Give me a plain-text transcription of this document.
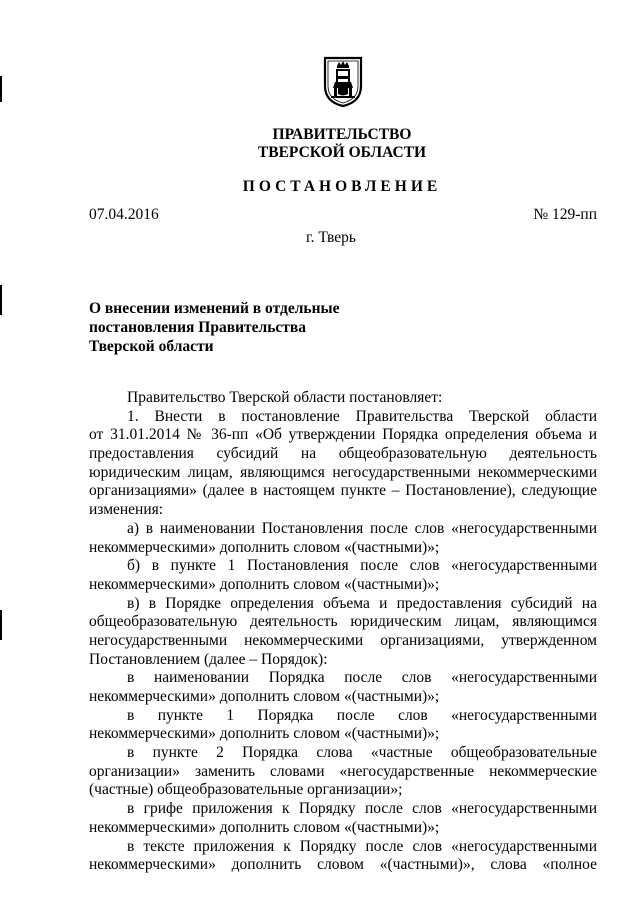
ПРАВИТЕЛЬСТВО
ТВЕРСКОЙ ОБЛАСТИ
ПОСТАНОВЛЕНИЕ
07.04.2016	№ 129-пп
г. Тверь
О внесении изменений в отдельные
постановления Правительства
Тверской области
Правительство Тверской области постановляет:
1. Внести в постановление Правительства Тверской области
от 31.01.2014 № 36-пп «Об утверждении Порядка определения объема и
предоставления субсидий на общеобразовательную деятельность
юридическим лицам, являющимся негосударственными некоммерческими
организациями» (далее в настоящем пункте – Постановление), следующие
изменения:
а) в наименовании Постановления после слов «негосударственными
некоммерческими» дополнить словом «(частными)»;
б) в пункте 1 Постановления после слов «негосударственными
некоммерческими» дополнить словом «(частными)»;
в) в Порядке определения объема и предоставления субсидий на
общеобразовательную деятельность юридическим лицам, являющимся
негосударственными некоммерческими организациями, утвержденном
Постановлением (далее – Порядок):
в наименовании Порядка после слов «негосударственными
некоммерческими» дополнить словом «(частными)»;
в пункте 1 Порядка после слов «негосударственными
некоммерческими» дополнить словом «(частными)»;
в пункте 2 Порядка слова «частные общеобразовательные
организации» заменить словами «негосударственные некоммерческие
(частные) общеобразовательные организации»;
в грифе приложения к Порядку после слов «негосударственными
некоммерческими» дополнить словом «(частными)»;
в тексте приложения к Порядку после слов «негосударственными
некоммерческими» дополнить словом «(частными)», слова «полное
